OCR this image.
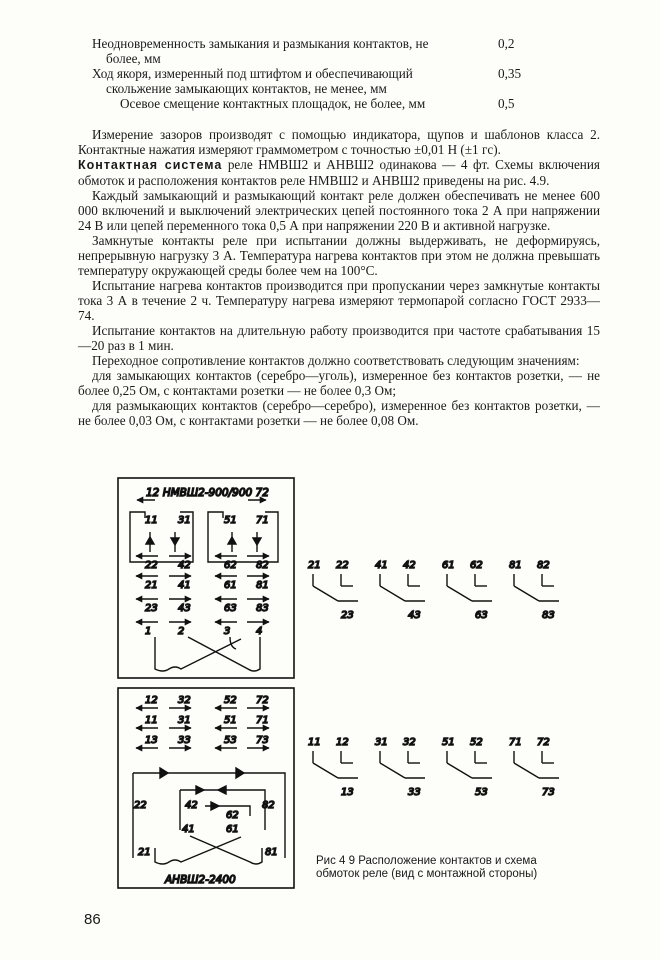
Неодновременность замыкания и размыкания контактов, не	0,2
более, мм
Ход якоря, измеренный под штифтом и обеспечивающий	0,35
скольжение замыкающих контактов, не менее, мм
Осевое смещение контактных площадок, не более, мм	0,5

Измерение зазоров производят с помощью индикатора, щупов и шаблонов класса 2. Контактные нажатия измеряют граммометром с точностью ±0,01 Н (±1 гс).

Контактная система реле НМВШ2 и АНВШ2 одинакова — 4 фт. Схемы включения обмоток и расположения контактов реле НМВШ2 и АНВШ2 приведены на рис. 4.9.

Каждый замыкающий и размыкающий контакт реле должен обеспечивать не менее 600 000 включений и выключений электрических цепей постоянного тока 2 А при напряжении 24 В или цепей переменного тока 0,5 А при напряжении 220 В и активной нагрузке.

Замкнутые контакты реле при испытании должны выдерживать, не деформируясь, непрерывную нагрузку 3 А. Температура нагрева контактов при этом не должна превышать температуру окружающей среды более чем на 100°С.

Испытание нагрева контактов производится при пропускании через замкнутые контакты тока 3 А в течение 2 ч. Температуру нагрева измеряют термопарой согласно ГОСТ 2933—74.

Испытание контактов на длительную работу производится при частоте срабатывания 15—20 раз в 1 мин.

Переходное сопротивление контактов должно соответствовать следующим значениям:

для замыкающих контактов (серебро—уголь), измеренное без контактов розетки, — не более 0,25 Ом, с контактами розетки — не более 0,3 Ом;

для размыкающих контактов (серебро—серебро), измеренное без контактов розетки, — не более 0,03 Ом, с контактами розетки — не более 0,08 Ом.

12 НМВШ2-900/900 72
11 31	51 71
22 42	62 82
21 41	61 81
23 43	63 83
1	2	3	4
12 32	52 72
11 31	51 71
13 33	53 73
22	42
62
82
41	61
21	81
АНВШ2-2400
21 22
23
41 42
43
61 62
63
81 82
83
11 12
13
31 32
33
51 52
53
71 72
73
Рис 4 9 Расположение контактов и схема обмоток реле (вид с монтажной стороны)
86
